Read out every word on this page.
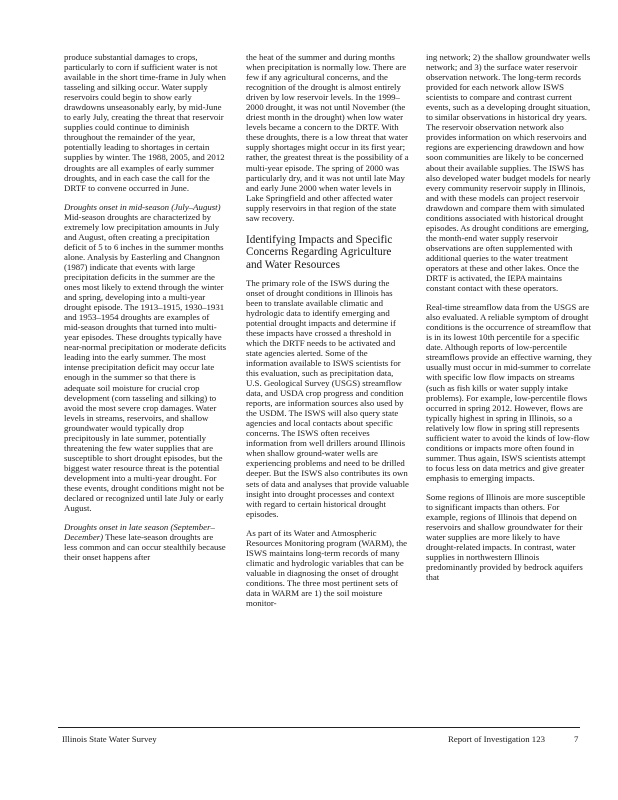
produce substantial damages to crops, particularly to corn if sufficient water is not available in the short time-frame in July when tasseling and silking occur. Water supply reservoirs could begin to show early drawdowns unseasonably early, by mid-June to early July, creating the threat that reservoir supplies could continue to diminish throughout the remainder of the year, potentially leading to shortages in certain supplies by winter. The 1988, 2005, and 2012 droughts are all examples of early summer droughts, and in each case the call for the DRTF to convene occurred in June.

Droughts onset in mid-season (July–August) Mid-season droughts are characterized by extremely low precipitation amounts in July and August, often creating a precipitation deficit of 5 to 6 inches in the summer months alone. Analysis by Easterling and Changnon (1987) indicate that events with large precipitation deficits in the summer are the ones most likely to extend through the winter and spring, developing into a multi-year drought episode. The 1913–1915, 1930–1931 and 1953–1954 droughts are examples of mid-season droughts that turned into multi-year episodes. These droughts typically have near-normal precipitation or moderate deficits leading into the early summer. The most intense precipitation deficit may occur late enough in the summer so that there is adequate soil moisture for crucial crop development (corn tasseling and silking) to avoid the most severe crop damages. Water levels in streams, reservoirs, and shallow groundwater would typically drop precipitously in late summer, potentially threatening the few water supplies that are susceptible to short drought episodes, but the biggest water resource threat is the potential development into a multi-year drought. For these events, drought conditions might not be declared or recognized until late July or early August.

Droughts onset in late season (September–December) These late-season droughts are less common and can occur stealthily because their onset happens after

the heat of the summer and during months when precipitation is normally low. There are few if any agricultural concerns, and the recognition of the drought is almost entirely driven by low reservoir levels. In the 1999–2000 drought, it was not until November (the driest month in the drought) when low water levels became a concern to the DRTF. With these droughts, there is a low threat that water supply shortages might occur in its first year; rather, the greatest threat is the possibility of a multi-year episode. The spring of 2000 was particularly dry, and it was not until late May and early June 2000 when water levels in Lake Springfield and other affected water supply reservoirs in that region of the state saw recovery.

Identifying Impacts and Specific Concerns Regarding Agriculture and Water Resources

The primary role of the ISWS during the onset of drought conditions in Illinois has been to translate available climatic and hydrologic data to identify emerging and potential drought impacts and determine if these impacts have crossed a threshold in which the DRTF needs to be activated and state agencies alerted. Some of the information available to ISWS scientists for this evaluation, such as precipitation data, U.S. Geological Survey (USGS) streamflow data, and USDA crop progress and condition reports, are information sources also used by the USDM. The ISWS will also query state agencies and local contacts about specific concerns. The ISWS often receives information from well drillers around Illinois when shallow ground-water wells are experiencing problems and need to be drilled deeper. But the ISWS also contributes its own sets of data and analyses that provide valuable insight into drought processes and context with regard to certain historical drought episodes.

As part of its Water and Atmospheric Resources Monitoring program (WARM), the ISWS maintains long-term records of many climatic and hydrologic variables that can be valuable in diagnosing the onset of drought conditions. The three most pertinent sets of data in WARM are 1) the soil moisture monitor-

ing network; 2) the shallow groundwater wells network; and 3) the surface water reservoir observation network. The long-term records provided for each network allow ISWS scientists to compare and contrast current events, such as a developing drought situation, to similar observations in historical dry years. The reservoir observation network also provides information on which reservoirs and regions are experiencing drawdown and how soon communities are likely to be concerned about their available supplies. The ISWS has also developed water budget models for nearly every community reservoir supply in Illinois, and with these models can project reservoir drawdown and compare them with simulated conditions associated with historical drought episodes. As drought conditions are emerging, the month-end water supply reservoir observations are often supplemented with additional queries to the water treatment operators at these and other lakes. Once the DRTF is activated, the IEPA maintains constant contact with these operators.

Real-time streamflow data from the USGS are also evaluated. A reliable symptom of drought conditions is the occurrence of streamflow that is in its lowest 10th percentile for a specific date. Although reports of low-percentile streamflows provide an effective warning, they usually must occur in mid-summer to correlate with specific low flow impacts on streams (such as fish kills or water supply intake problems). For example, low-percentile flows occurred in spring 2012. However, flows are typically highest in spring in Illinois, so a relatively low flow in spring still represents sufficient water to avoid the kinds of low-flow conditions or impacts more often found in summer. Thus again, ISWS scientists attempt to focus less on data metrics and give greater emphasis to emerging impacts.

Some regions of Illinois are more susceptible to significant impacts than others. For example, regions of Illinois that depend on reservoirs and shallow groundwater for their water supplies are more likely to have drought-related impacts. In contrast, water supplies in northwestern Illinois predominantly provided by bedrock aquifers that

Illinois State Water Survey	Report of Investigation 123	7
